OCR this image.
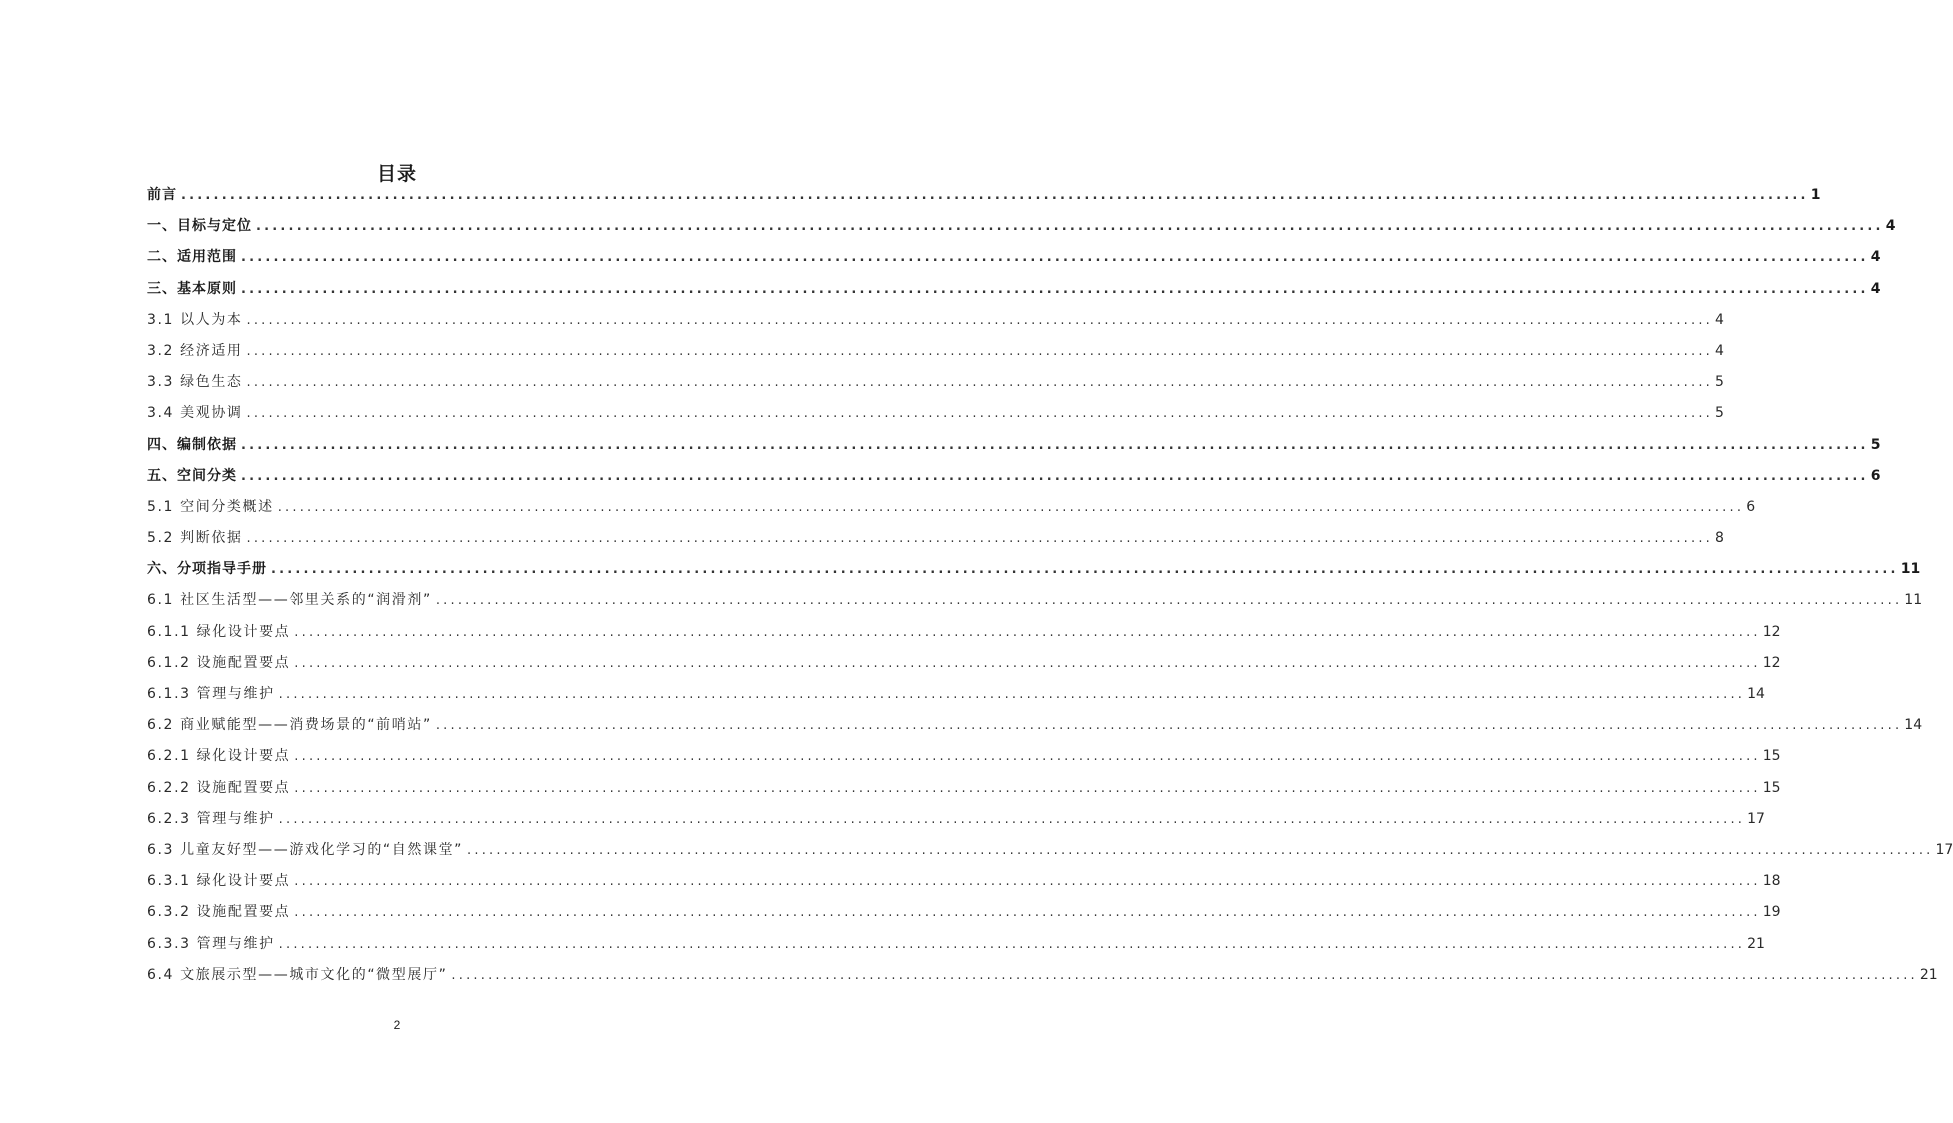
目录
前言 ........................................................................................................................................................................................................ 1
一、目标与定位 ........................................................................................................................................................................................................ 4
二、适用范围 ........................................................................................................................................................................................................ 4
三、基本原则 ........................................................................................................................................................................................................ 4
3.1 以人为本 ........................................................................................................................................................................................................ 4
3.2 经济适用 ........................................................................................................................................................................................................ 4
3.3 绿色生态 ........................................................................................................................................................................................................ 5
3.4 美观协调 ........................................................................................................................................................................................................ 5
四、编制依据 ........................................................................................................................................................................................................ 5
五、空间分类 ........................................................................................................................................................................................................ 6
5.1 空间分类概述 ........................................................................................................................................................................................................ 6
5.2 判断依据 ........................................................................................................................................................................................................ 8
六、分项指导手册 ........................................................................................................................................................................................................ 11
6.1 社区生活型——邻里关系的“润滑剂” ........................................................................................................................................................................................................ 11
6.1.1 绿化设计要点 ........................................................................................................................................................................................................ 12
6.1.2 设施配置要点 ........................................................................................................................................................................................................ 12
6.1.3 管理与维护 ........................................................................................................................................................................................................ 14
6.2 商业赋能型——消费场景的“前哨站” ........................................................................................................................................................................................................ 14
6.2.1 绿化设计要点 ........................................................................................................................................................................................................ 15
6.2.2 设施配置要点 ........................................................................................................................................................................................................ 15
6.2.3 管理与维护 ........................................................................................................................................................................................................ 17
6.3 儿童友好型——游戏化学习的“自然课堂” ........................................................................................................................................................................................................ 17
6.3.1 绿化设计要点 ........................................................................................................................................................................................................ 18
6.3.2 设施配置要点 ........................................................................................................................................................................................................ 19
6.3.3 管理与维护 ........................................................................................................................................................................................................ 21
6.4 文旅展示型——城市文化的“微型展厅” ........................................................................................................................................................................................................ 21
2
